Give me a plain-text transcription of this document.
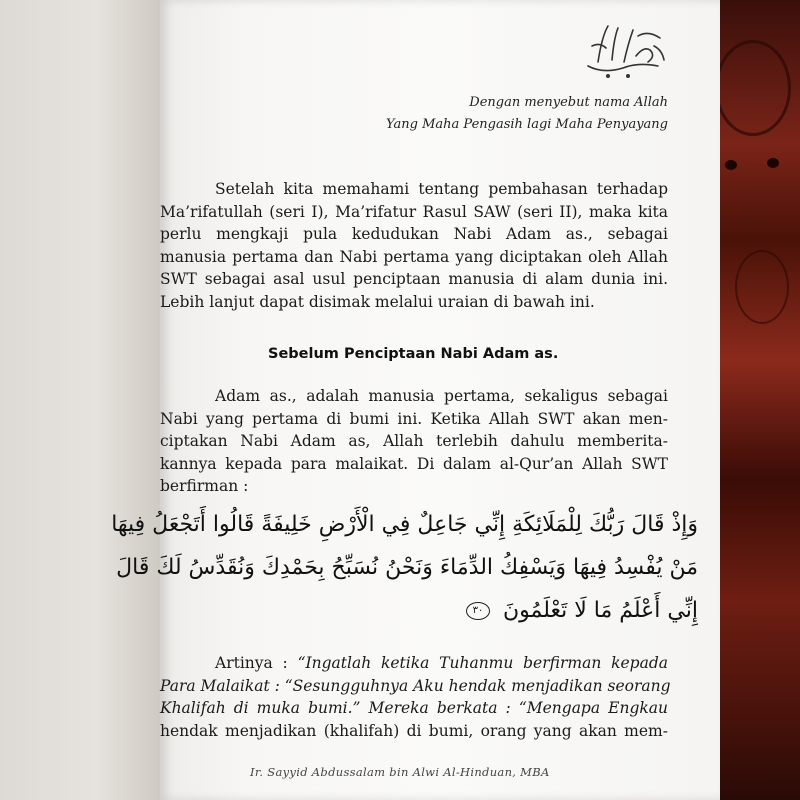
Dengan menyebut nama Allah
Yang Maha Pengasih lagi Maha Penyayang
Setelah kita memahami tentang pembahasan terhadap
Ma’rifatullah (seri I), Ma’rifatur Rasul SAW (seri II), maka kita
perlu mengkaji pula kedudukan Nabi Adam as., sebagai
manusia pertama dan Nabi pertama yang diciptakan oleh Allah
SWT sebagai asal usul penciptaan manusia di alam dunia ini.
Lebih lanjut dapat disimak melalui uraian di bawah ini.
Sebelum Penciptaan Nabi Adam as.
Adam as., adalah manusia pertama, sekaligus sebagai
Nabi yang pertama di bumi ini. Ketika Allah SWT akan men-
ciptakan Nabi Adam as, Allah terlebih dahulu memberita-
kannya kepada para malaikat. Di dalam al-Qur’an Allah SWT
berfirman :
وَإِذْ قَالَ رَبُّكَ لِلْمَلَائِكَةِ إِنِّي جَاعِلٌ فِي الْأَرْضِ خَلِيفَةً قَالُوا أَتَجْعَلُ فِيهَا
مَنْ يُفْسِدُ فِيهَا وَيَسْفِكُ الدِّمَاءَ وَنَحْنُ نُسَبِّحُ بِحَمْدِكَ وَنُقَدِّسُ لَكَ قَالَ
إِنِّي أَعْلَمُ مَا لَا تَعْلَمُونَ ٣٠
Artinya : “Ingatlah ketika Tuhanmu berfirman kepada
Para Malaikat : “Sesungguhnya Aku hendak menjadikan seorang
Khalifah di muka bumi.” Mereka berkata : “Mengapa Engkau
hendak menjadikan (khalifah) di bumi, orang yang akan mem-
Ir. Sayyid Abdussalam bin Alwi Al-Hinduan, MBA
